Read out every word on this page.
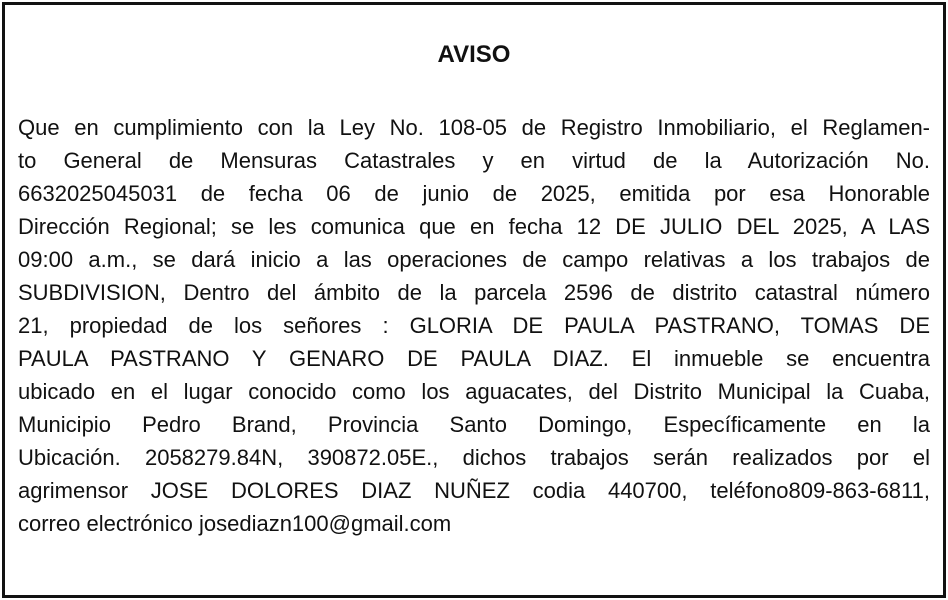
AVISO
Que en cumplimiento con la Ley No. 108-05 de Registro Inmobiliario, el Reglamen-
to General de Mensuras Catastrales y en virtud de la Autorización No.
6632025045031 de fecha 06 de junio de 2025, emitida por esa Honorable
Dirección Regional; se les comunica que en fecha 12 DE JULIO DEL 2025, A LAS
09:00 a.m., se dará inicio a las operaciones de campo relativas a los trabajos de
SUBDIVISION, Dentro del ámbito de la parcela 2596 de distrito catastral número
21, propiedad de los señores : GLORIA DE PAULA PASTRANO, TOMAS DE
PAULA PASTRANO Y GENARO DE PAULA DIAZ. El inmueble se encuentra
ubicado en el lugar conocido como los aguacates, del Distrito Municipal la Cuaba,
Municipio Pedro Brand, Provincia Santo Domingo, Específicamente en la
Ubicación. 2058279.84N, 390872.05E., dichos trabajos serán realizados por el
agrimensor JOSE DOLORES DIAZ NUÑEZ codia 440700, teléfono809-863-6811,
correo electrónico josediazn100@gmail.com
